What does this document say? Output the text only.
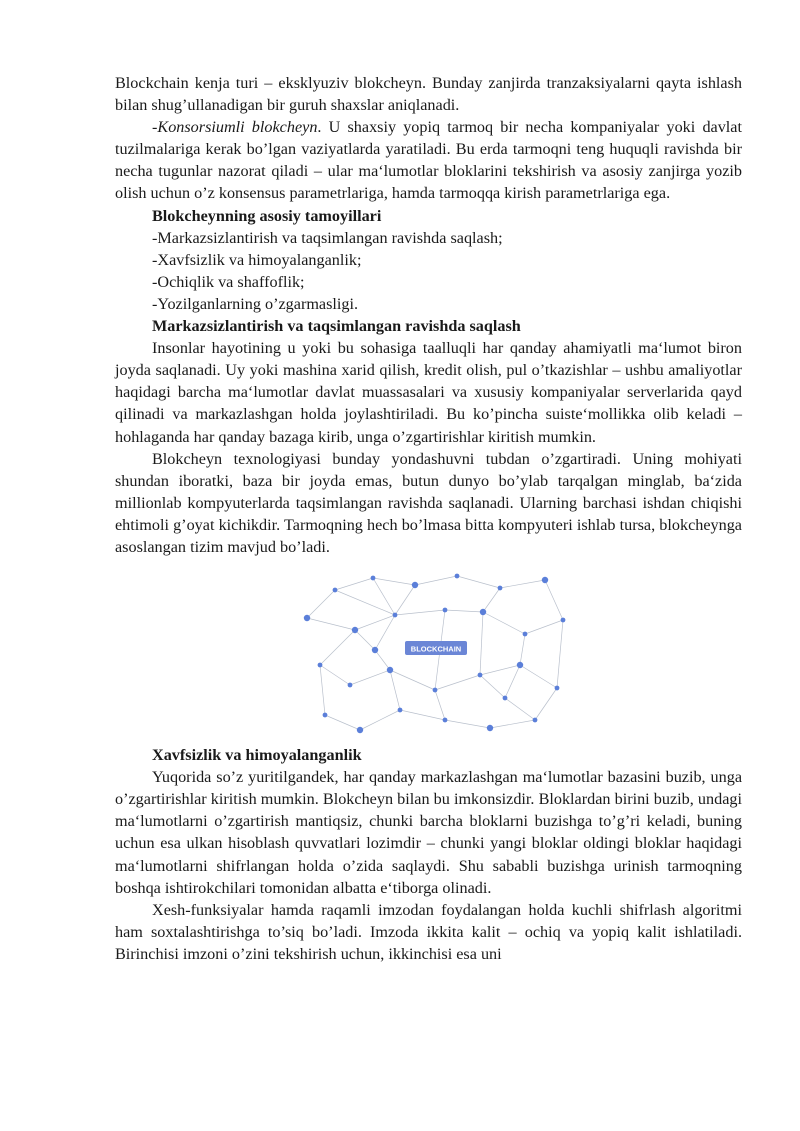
Blockchain kenja turi – eksklyuziv blokcheyn. Bunday zanjirda tranzaksiyalarni qayta ishlash bilan shug’ullanadigan bir guruh shaxslar aniqlanadi.

-Konsorsiumli blokcheyn. U shaxsiy yopiq tarmoq bir necha kompaniyalar yoki davlat tuzilmalariga kerak bo’lgan vaziyatlarda yaratiladi. Bu erda tarmoqni teng huquqli ravishda bir necha tugunlar nazorat qiladi – ular ma‘lumotlar bloklarini tekshirish va asosiy zanjirga yozib olish uchun o’z konsensus parametrlariga, hamda tarmoqqa kirish parametrlariga ega.

Blokcheynning asosiy tamoyillari

-Markazsizlantirish va taqsimlangan ravishda saqlash;

-Xavfsizlik va himoyalanganlik;

-Ochiqlik va shaffoflik;

-Yozilganlarning o’zgarmasligi.

Markazsizlantirish va taqsimlangan ravishda saqlash

Insonlar hayotining u yoki bu sohasiga taalluqli har qanday ahamiyatli ma‘lumot biron joyda saqlanadi. Uy yoki mashina xarid qilish, kredit olish, pul o’tkazishlar – ushbu amaliyotlar haqidagi barcha ma‘lumotlar davlat muassasalari va xususiy kompaniyalar serverlarida qayd qilinadi va markazlashgan holda joylashtiriladi. Bu ko’pincha suiste‘mollikka olib keladi – hohlaganda har qanday bazaga kirib, unga o’zgartirishlar kiritish mumkin.

Blokcheyn texnologiyasi bunday yondashuvni tubdan o’zgartiradi. Uning mohiyati shundan iboratki, baza bir joyda emas, butun dunyo bo’ylab tarqalgan minglab, ba‘zida millionlab kompyuterlarda taqsimlangan ravishda saqlanadi. Ularning barchasi ishdan chiqishi ehtimoli g’oyat kichikdir. Tarmoqning hech bo’lmasa bitta kompyuteri ishlab tursa, blokcheynga asoslangan tizim mavjud bo’ladi.

BLOCKCHAIN

Xavfsizlik va himoyalanganlik

Yuqorida so’z yuritilgandek, har qanday markazlashgan ma‘lumotlar bazasini buzib, unga o’zgartirishlar kiritish mumkin. Blokcheyn bilan bu imkonsizdir. Bloklardan birini buzib, undagi ma‘lumotlarni o’zgartirish mantiqsiz, chunki barcha bloklarni buzishga to’g’ri keladi, buning uchun esa ulkan hisoblash quvvatlari lozimdir – chunki yangi bloklar oldingi bloklar haqidagi ma‘lumotlarni shifrlangan holda o’zida saqlaydi. Shu sababli buzishga urinish tarmoqning boshqa ishtirokchilari tomonidan albatta e‘tiborga olinadi.

Xesh-funksiyalar hamda raqamli imzodan foydalangan holda kuchli shifrlash algoritmi ham soxtalashtirishga to’siq bo’ladi. Imzoda ikkita kalit – ochiq va yopiq kalit ishlatiladi. Birinchisi imzoni o’zini tekshirish uchun, ikkinchisi esa uni
